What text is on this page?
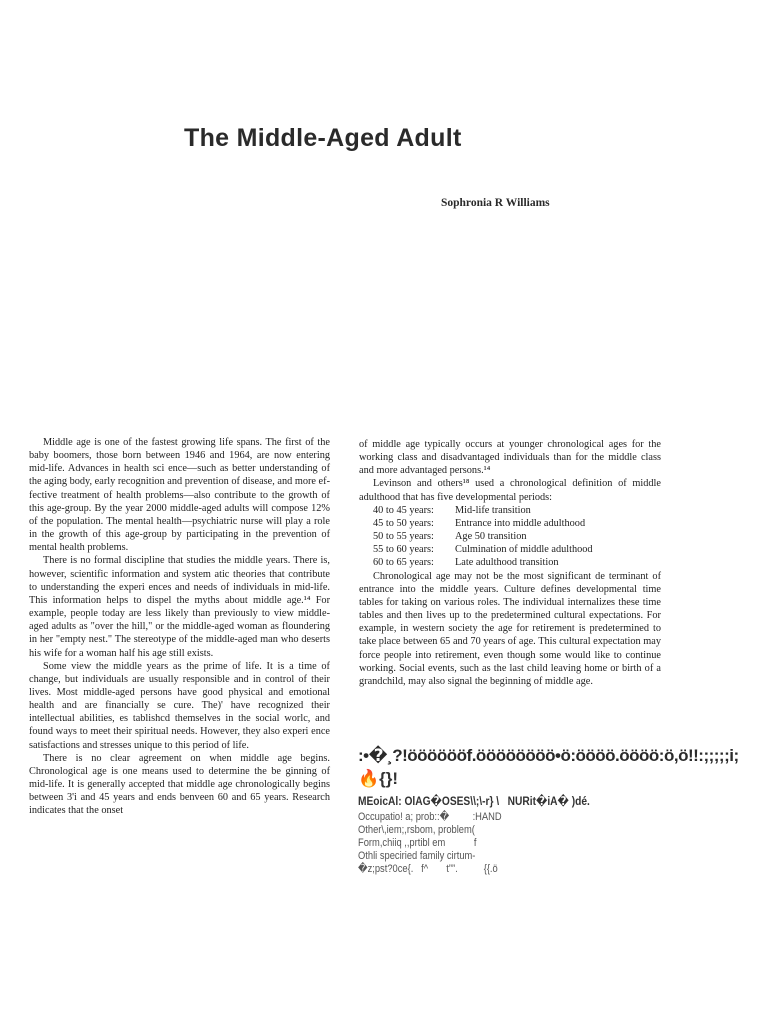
The Middle-Aged Adult
Sophronia R Williams

Middle age is one of the fastest growing life spans. The first of the baby boomers, those born between 1946 and 1964, are now entering mid-life. Advances in health sci ence—such as better understanding of the aging body, early recognition and prevention of disease, and more ef fective treatment of health problems—also contribute to the growth of this age-group. By the year 2000 middle-aged adults will compose 12% of the population. The mental health—psychiatric nurse will play a role in the growth of this age-group by participating in the prevention of mental health problems.

There is no formal discipline that studies the middle years. There is, however, scientific information and system atic theories that contribute to understanding the experi ences and needs of individuals in mid-life. This information helps to dispel the myths about middle age.¹⁴ For example, people today are less likely than previously to view middle aged adults as "over the hill," or the middle-aged woman as floundering in her "empty nest." The stereotype of the middle-aged man who deserts his wife for a woman half his age still exists.

Some view the middle years as the prime of life. It is a time of change, but individuals are usually responsible and in control of their lives. Most middle-aged persons have good physical and emotional health and are financially se cure. The)' have recognized their intellectual abilities, es tablishcd themselves in the social worlc, and found ways to meet their spiritual needs. However, they also experi ence satisfactions and stresses unique to this period of life.

There is no clear agreement on when middle age begins. Chronological age is one means used to determine the be ginning of mid-life. It is generally accepted that middle age chronologically begins between 3'i and 45 years and ends benveen 60 and 65 years. Research indicates that the onset

of middle age typically occurs at younger chronological ages for the working class and disadvantaged individuals than for the middle class and more advantaged persons.¹⁴

Levinson and others¹⁸ used a chronological definition of middle adulthood that has five developmental periods:

40 to 45 years: Mid-life transition
45 to 50 years: Entrance into middle adulthood
50 to 55 years: Age 50 transition
55 to 60 years: Culmination of middle adulthood
60 to 65 years: Late adulthood transition

Chronological age may not be the most significant de terminant of entrance into the middle years. Culture defines developmental time tables for taking on various roles. The individual internalizes these time tables and then lives up to the predetermined cultural expectations. For example, in western society the age for retirement is predetermined to take place between 65 and 70 years of age. This cultural expectation may force people into retirement, even though some would like to continue working. Social events, such as the last child leaving home or birth of a grandchild, may also signal the beginning of middle age.

:•�¸?!ööööööf.öööööööö•ö:öööö.öööö:ö,ö!!:;;;;;i;
🔥{}!
MEoicAl: OlAG�OSES\\;\-r} \   NURit�iA� )dé.
Occupatio! a; prob::�         :HAND
Other\,iem;,rsbom, problem(
Form,chiiq ,,prtibl em           f
Othli speciried family cirtum-
�z;pst?0ce{.   f^       t””.          {{.ö
